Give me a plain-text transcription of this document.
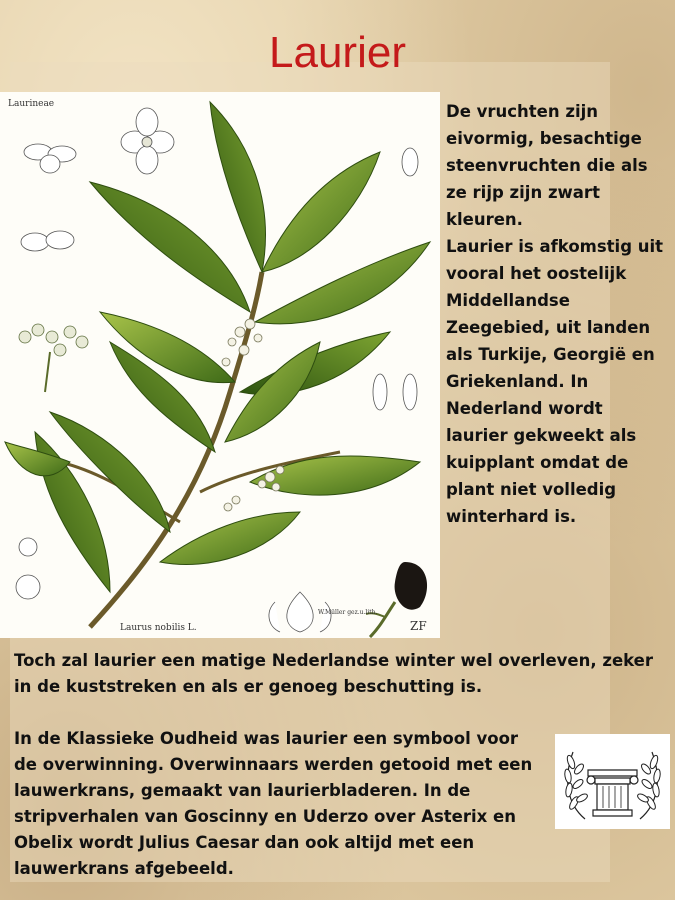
Laurier
Laurineae
Laurus nobilis L.
W.Müller gez.u.lith.
ZF

De vruchten zijn eivormig, besachtige steenvruchten die als ze rijp zijn zwart kleuren.

Laurier is afkomstig uit vooral het oostelijk Middellandse Zeegebied, uit landen als Turkije, Georgië en Griekenland. In Nederland wordt laurier gekweekt als kuipplant omdat de plant niet volledig winterhard is.

Toch zal laurier een matige Nederlandse winter wel overleven, zeker in de kuststreken en als er genoeg beschutting is.

In de Klassieke Oudheid was laurier een symbool voor de overwinning. Overwinnaars werden getooid met een lauwerkrans, gemaakt van laurierbladeren. In de stripverhalen van Goscinny en Uderzo over Asterix en Obelix wordt Julius Caesar dan ook altijd met een lauwerkrans afgebeeld.
